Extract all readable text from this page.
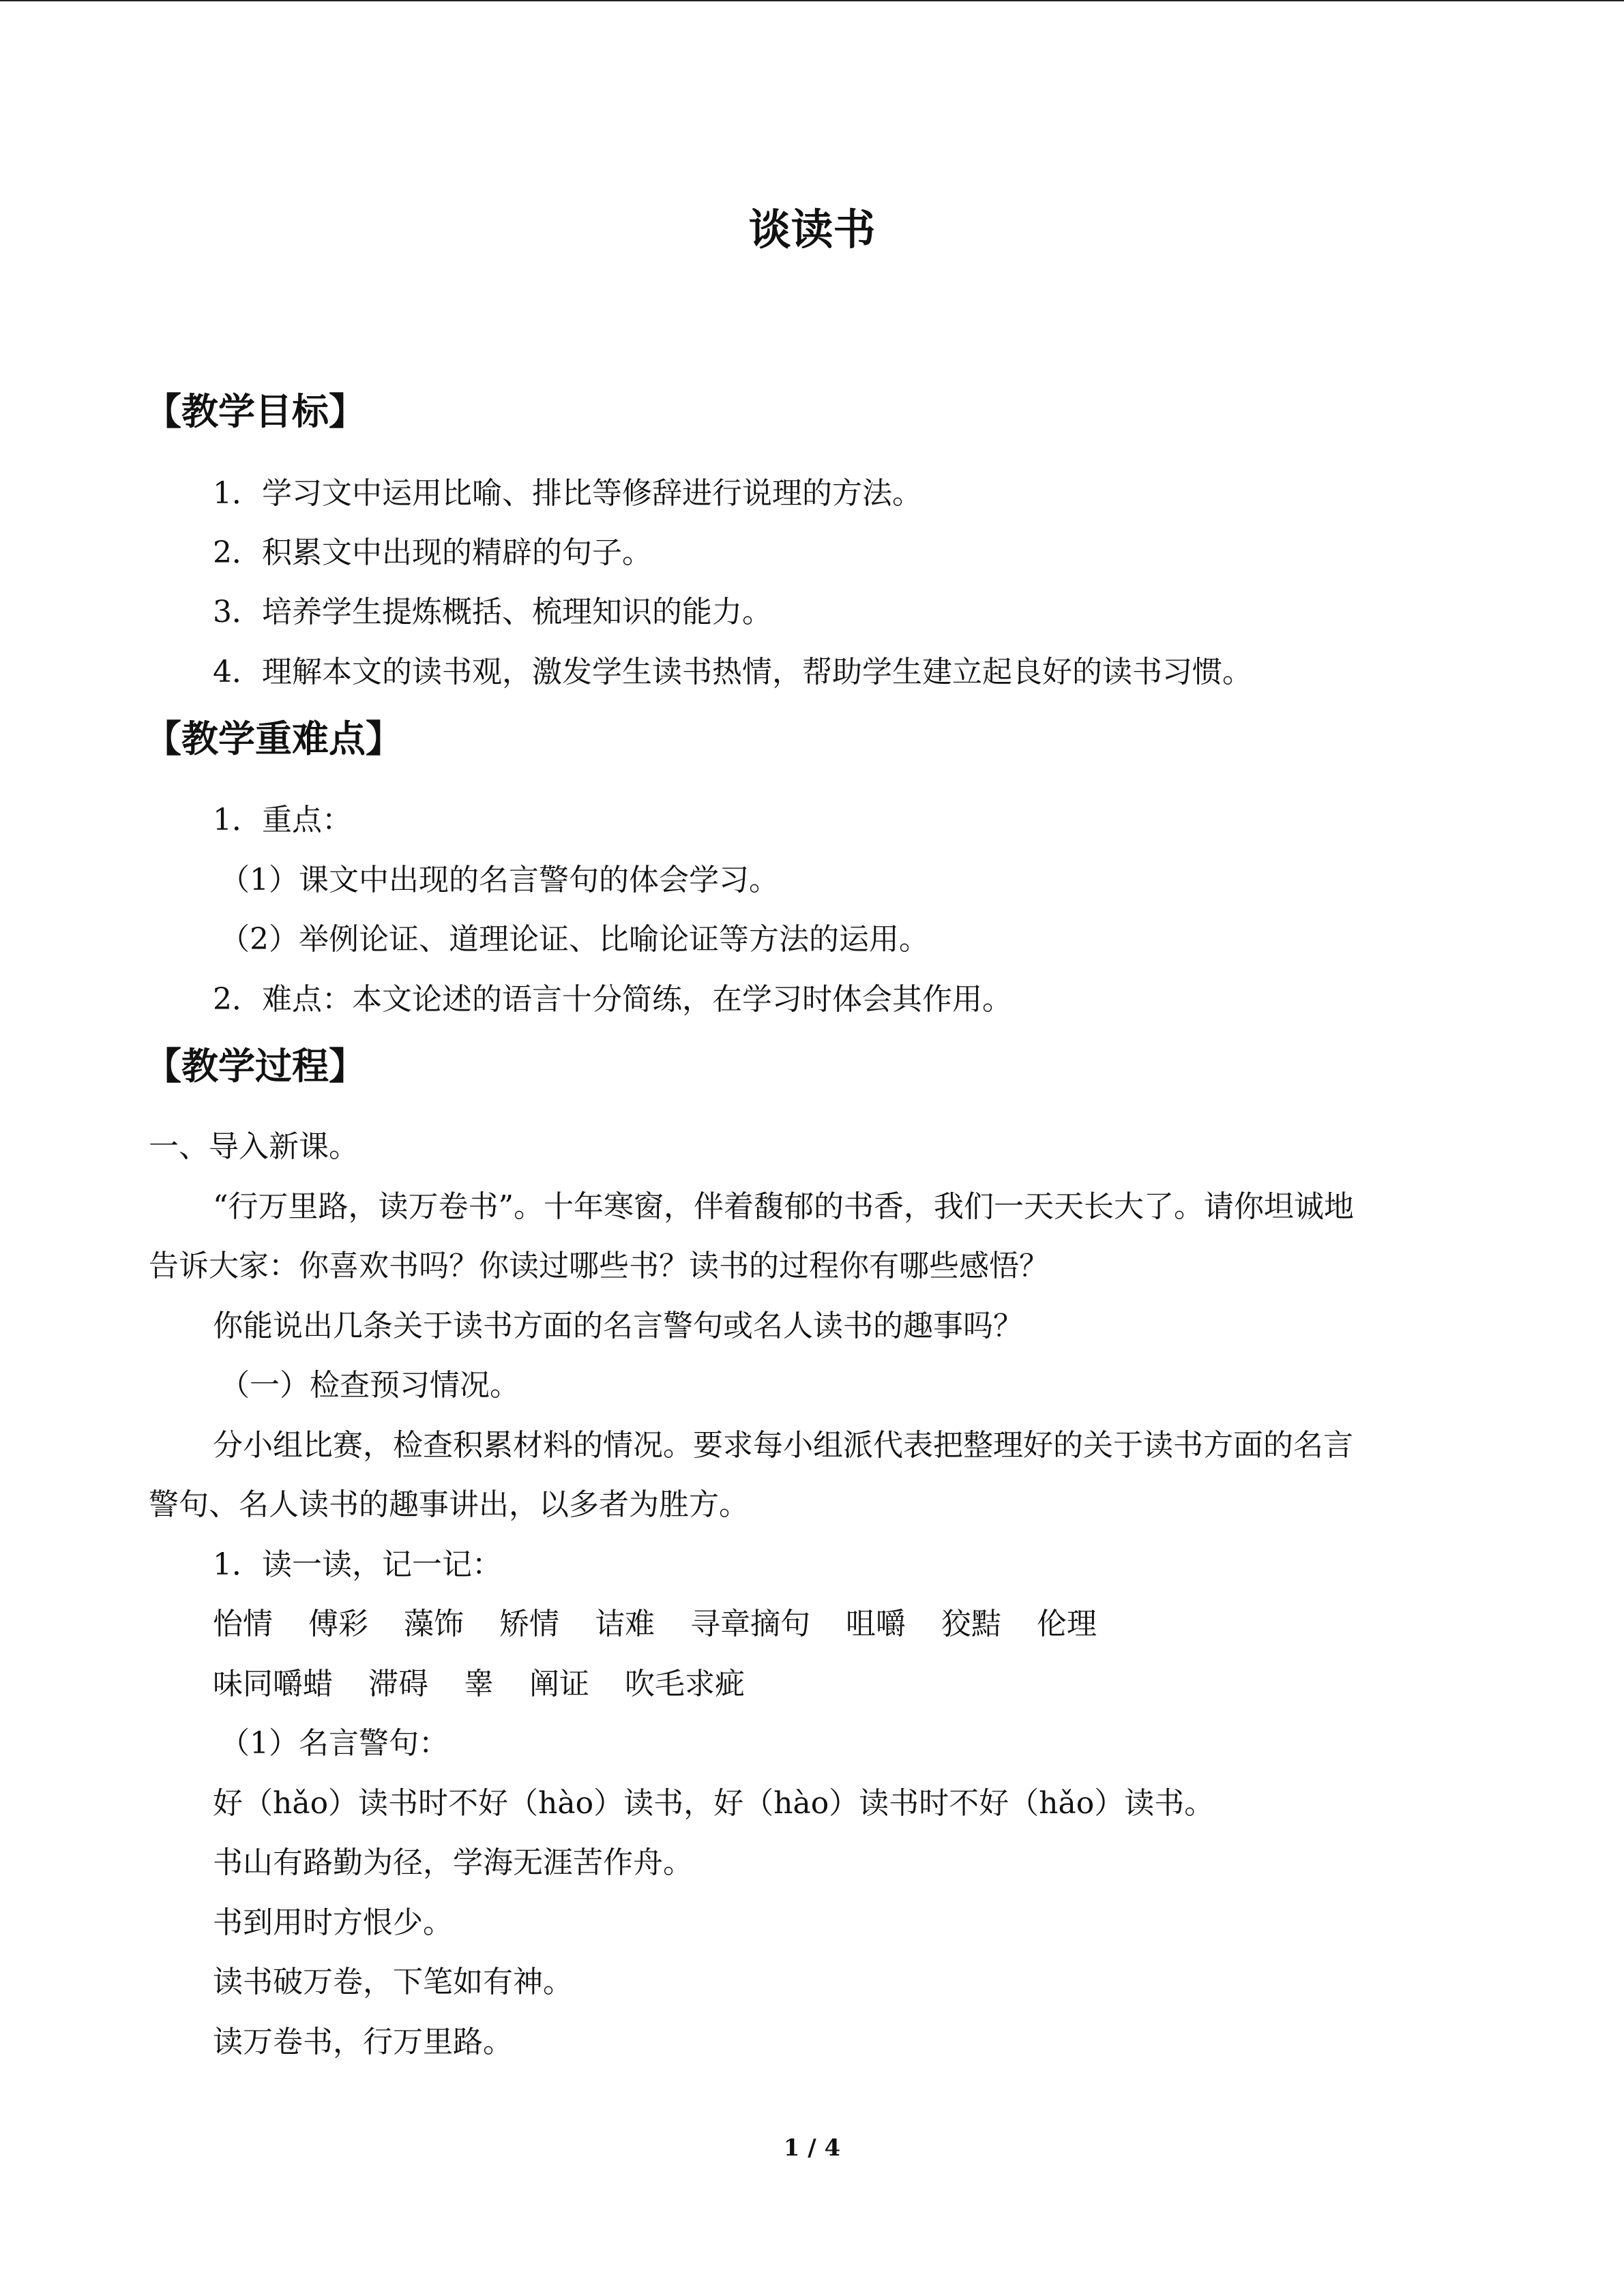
谈读书
【教学目标】
1．学习文中运用比喻、排比等修辞进行说理的方法。
2．积累文中出现的精辟的句子。
3．培养学生提炼概括、梳理知识的能力。
4．理解本文的读书观，激发学生读书热情，帮助学生建立起良好的读书习惯。
【教学重难点】
1．重点：
（1）课文中出现的名言警句的体会学习。
（2）举例论证、道理论证、比喻论证等方法的运用。
2．难点：本文论述的语言十分简练，在学习时体会其作用。
【教学过程】
一、导入新课。
“行万里路，读万卷书”。十年寒窗，伴着馥郁的书香，我们一天天长大了。请你坦诚地
告诉大家：你喜欢书吗？你读过哪些书？读书的过程你有哪些感悟？
你能说出几条关于读书方面的名言警句或名人读书的趣事吗？
（一）检查预习情况。
分小组比赛，检查积累材料的情况。要求每小组派代表把整理好的关于读书方面的名言
警句、名人读书的趣事讲出，以多者为胜方。
1．读一读，记一记：
怡情 傅彩 藻饰 矫情 诘难 寻章摘句 咀嚼 狡黠 伦理
味同嚼蜡 滞碍 睾 阐证 吹毛求疵
（1）名言警句：
好（hǎo）读书时不好（hào）读书，好（hào）读书时不好（hǎo）读书。
书山有路勤为径，学海无涯苦作舟。
书到用时方恨少。
读书破万卷，下笔如有神。
读万卷书，行万里路。
1 / 4
